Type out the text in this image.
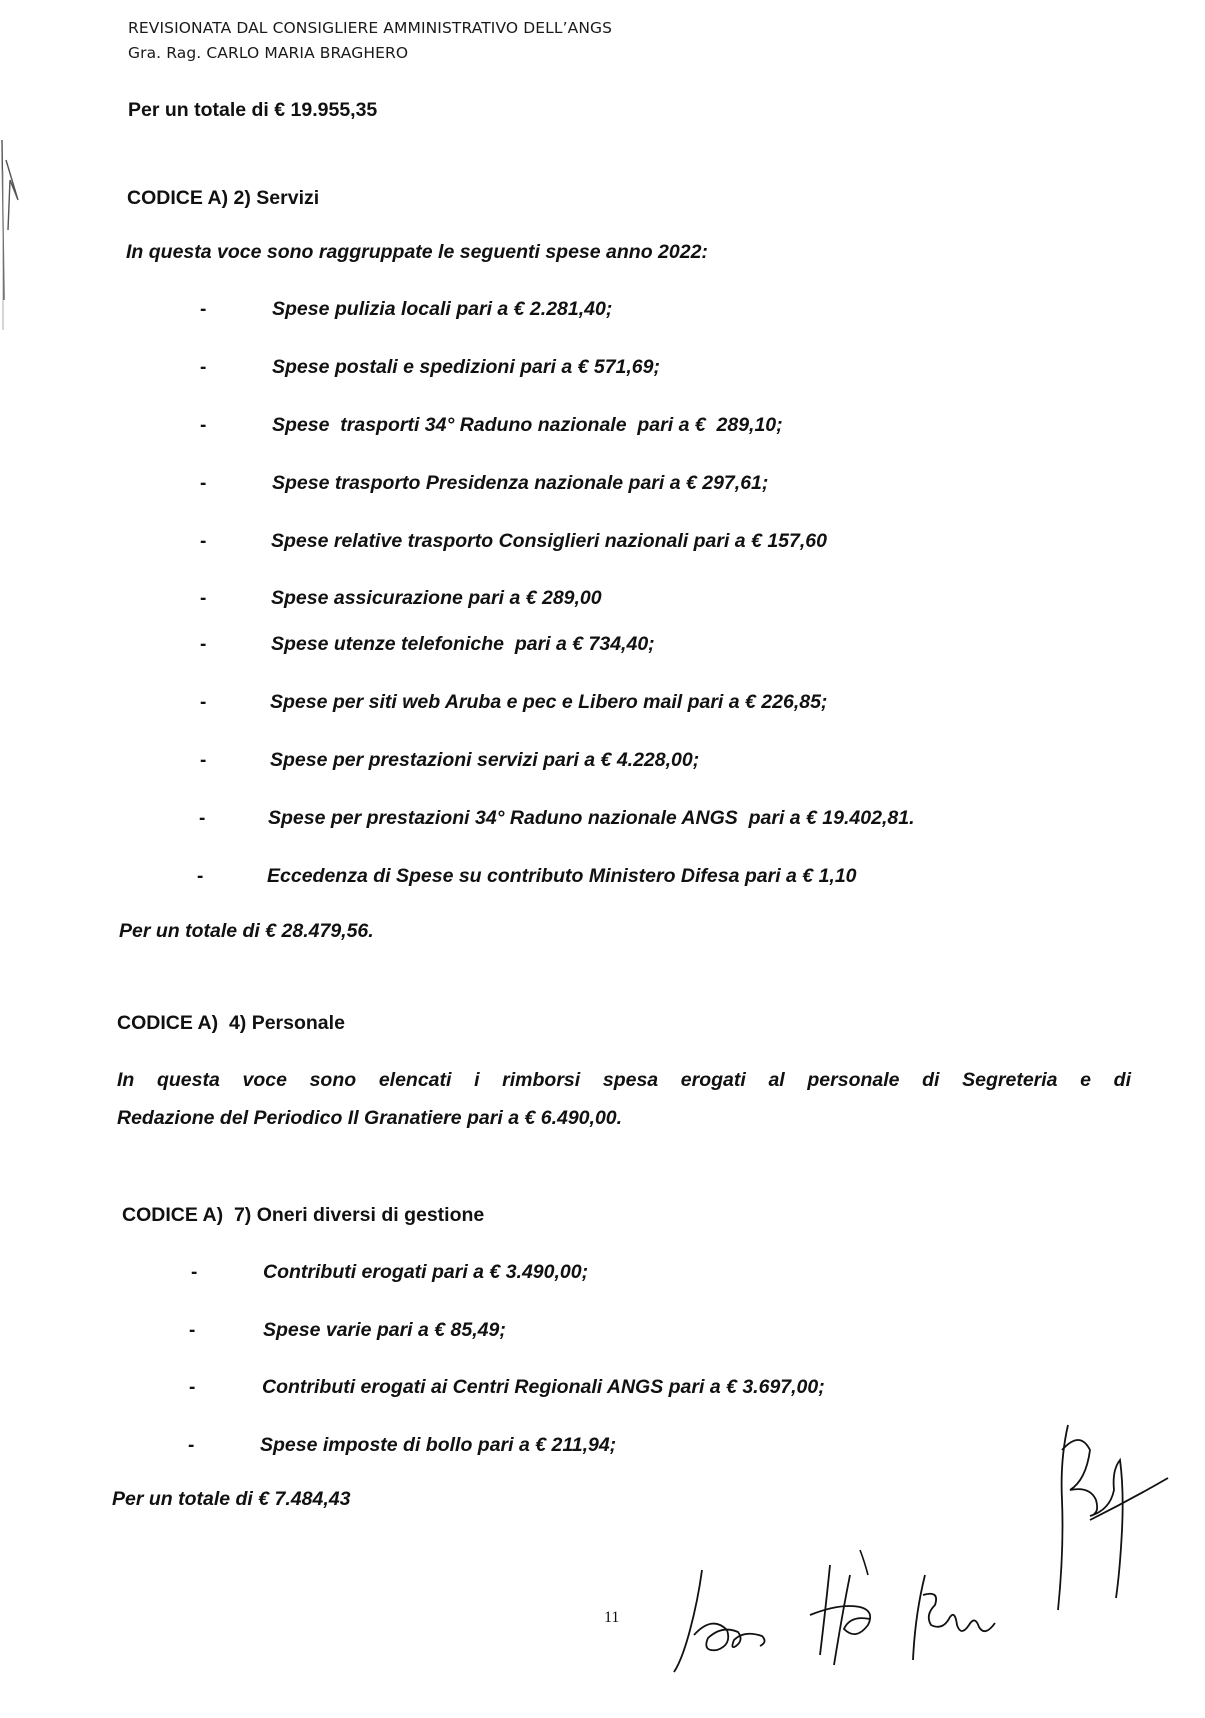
REVISIONATA DAL CONSIGLIERE AMMINISTRATIVO DELL’ANGS
Gra. Rag. CARLO MARIA BRAGHERO
Per un totale di € 19.955,35
CODICE A) 2) Servizi
In questa voce sono raggruppate le seguenti spese anno 2022:
-	Spese pulizia locali pari a € 2.281,40;
-	Spese postali e spedizioni pari a € 571,69;
-	Spese  trasporti 34° Raduno nazionale  pari a €  289,10;
-	Spese trasporto Presidenza nazionale pari a € 297,61;
-	Spese relative trasporto Consiglieri nazionali pari a € 157,60
-	Spese assicurazione pari a € 289,00
-	Spese utenze telefoniche  pari a € 734,40;
-	Spese per siti web Aruba e pec e Libero mail pari a € 226,85;
-	Spese per prestazioni servizi pari a € 4.228,00;
-	Spese per prestazioni 34° Raduno nazionale ANGS  pari a € 19.402,81.
-	Eccedenza di Spese su contributo Ministero Difesa pari a € 1,10
Per un totale di € 28.479,56.
CODICE A)  4) Personale
In questa voce sono elencati i rimborsi spesa erogati al personale di Segreteria e di
Redazione del Periodico Il Granatiere pari a € 6.490,00.
CODICE A)  7) Oneri diversi di gestione
-	Contributi erogati pari a € 3.490,00;
-	Spese varie pari a € 85,49;
-	Contributi erogati ai Centri Regionali ANGS pari a € 3.697,00;
-	Spese imposte di bollo pari a € 211,94;
Per un totale di € 7.484,43
11
